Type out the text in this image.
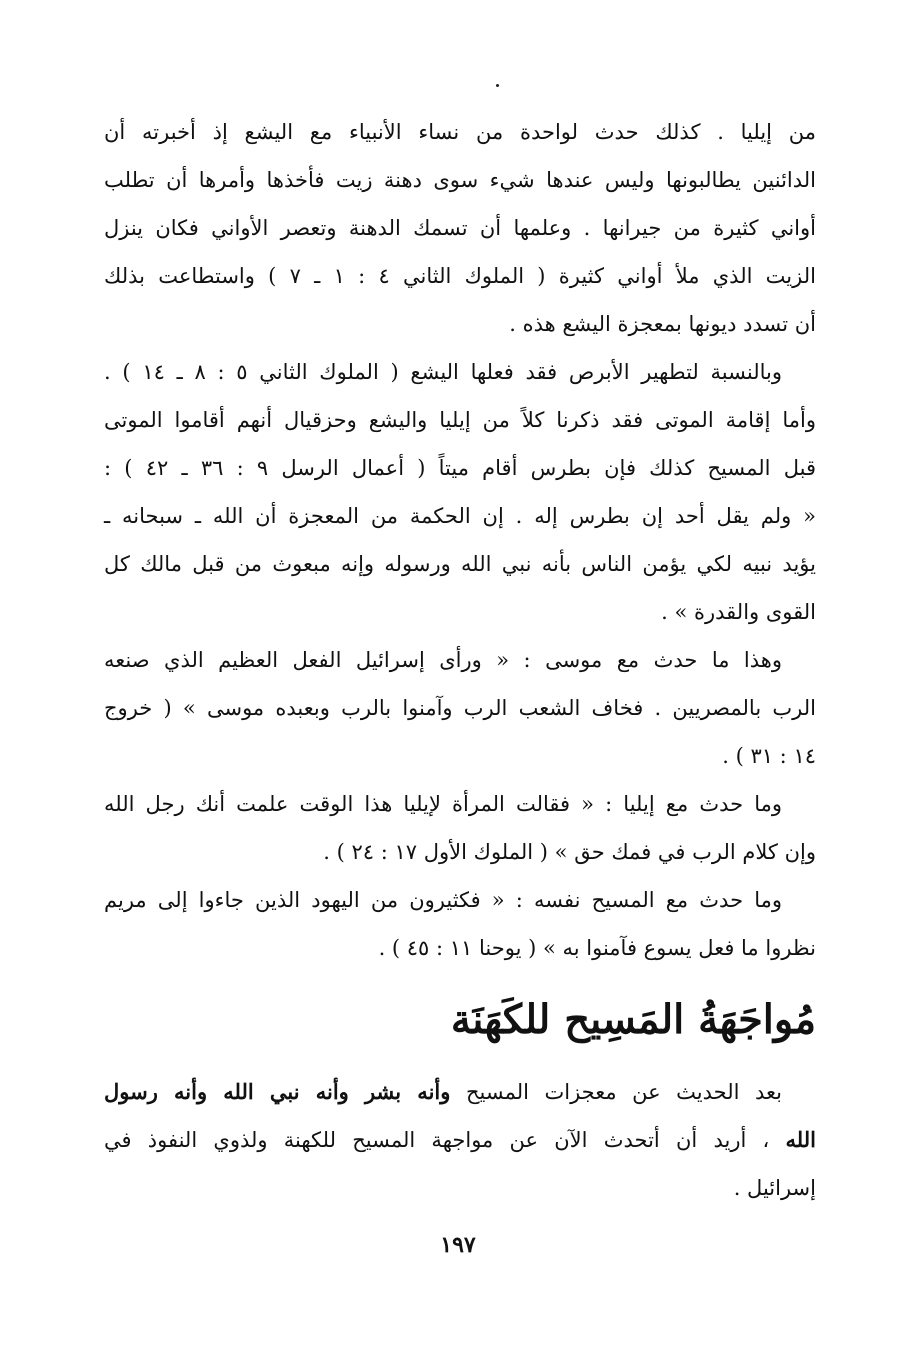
من إيليا . كذلك حدث لواحدة من نساء الأنبياء مع اليشع إذ أخبرته أن
الدائنين يطالبونها وليس عندها شيء سوى دهنة زيت فأخذها وأمرها أن تطلب
أواني كثيرة من جيرانها . وعلمها أن تسمك الدهنة وتعصر الأواني فكان ينزل
الزيت الذي ملأ أواني كثيرة ( الملوك الثاني ٤ : ١ ـ ٧ ) واستطاعت بذلك
أن تسدد ديونها بمعجزة اليشع هذه .

وبالنسبة لتطهير الأبرص فقد فعلها اليشع ( الملوك الثاني ٥ : ٨ ـ ١٤ ) .
وأما إقامة الموتى فقد ذكرنا كلاً من إيليا واليشع وحزقيال أنهم أقاموا الموتى
قبل المسيح كذلك فإن بطرس أقام ميتاً ( أعمال الرسل ٩ : ٣٦ ـ ٤٢ ) :
« ولم يقل أحد إن بطرس إله . إن الحكمة من المعجزة أن الله ـ سبحانه ـ
يؤيد نبيه لكي يؤمن الناس بأنه نبي الله ورسوله وإنه مبعوث من قبل مالك كل
القوى والقدرة » .

وهذا ما حدث مع موسى : « ورأى إسرائيل الفعل العظيم الذي صنعه
الرب بالمصريين . فخاف الشعب الرب وآمنوا بالرب وبعبده موسى » ( خروج
١٤ : ٣١ ) .

وما حدث مع إيليا : « فقالت المرأة لإيليا هذا الوقت علمت أنك رجل الله
وإن كلام الرب في فمك حق » ( الملوك الأول ١٧ : ٢٤ ) .

وما حدث مع المسيح نفسه : « فكثيرون من اليهود الذين جاءوا إلى مريم
نظروا ما فعل يسوع فآمنوا به » ( يوحنا ١١ : ٤٥ ) .

مُواجَهَةُ المَسِيح للكَهَنَة

بعد الحديث عن معجزات المسيح وأنه بشر وأنه نبي الله وأنه رسول
الله ، أريد أن أتحدث الآن عن مواجهة المسيح للكهنة ولذوي النفوذ في
إسرائيل .

١٩٧
